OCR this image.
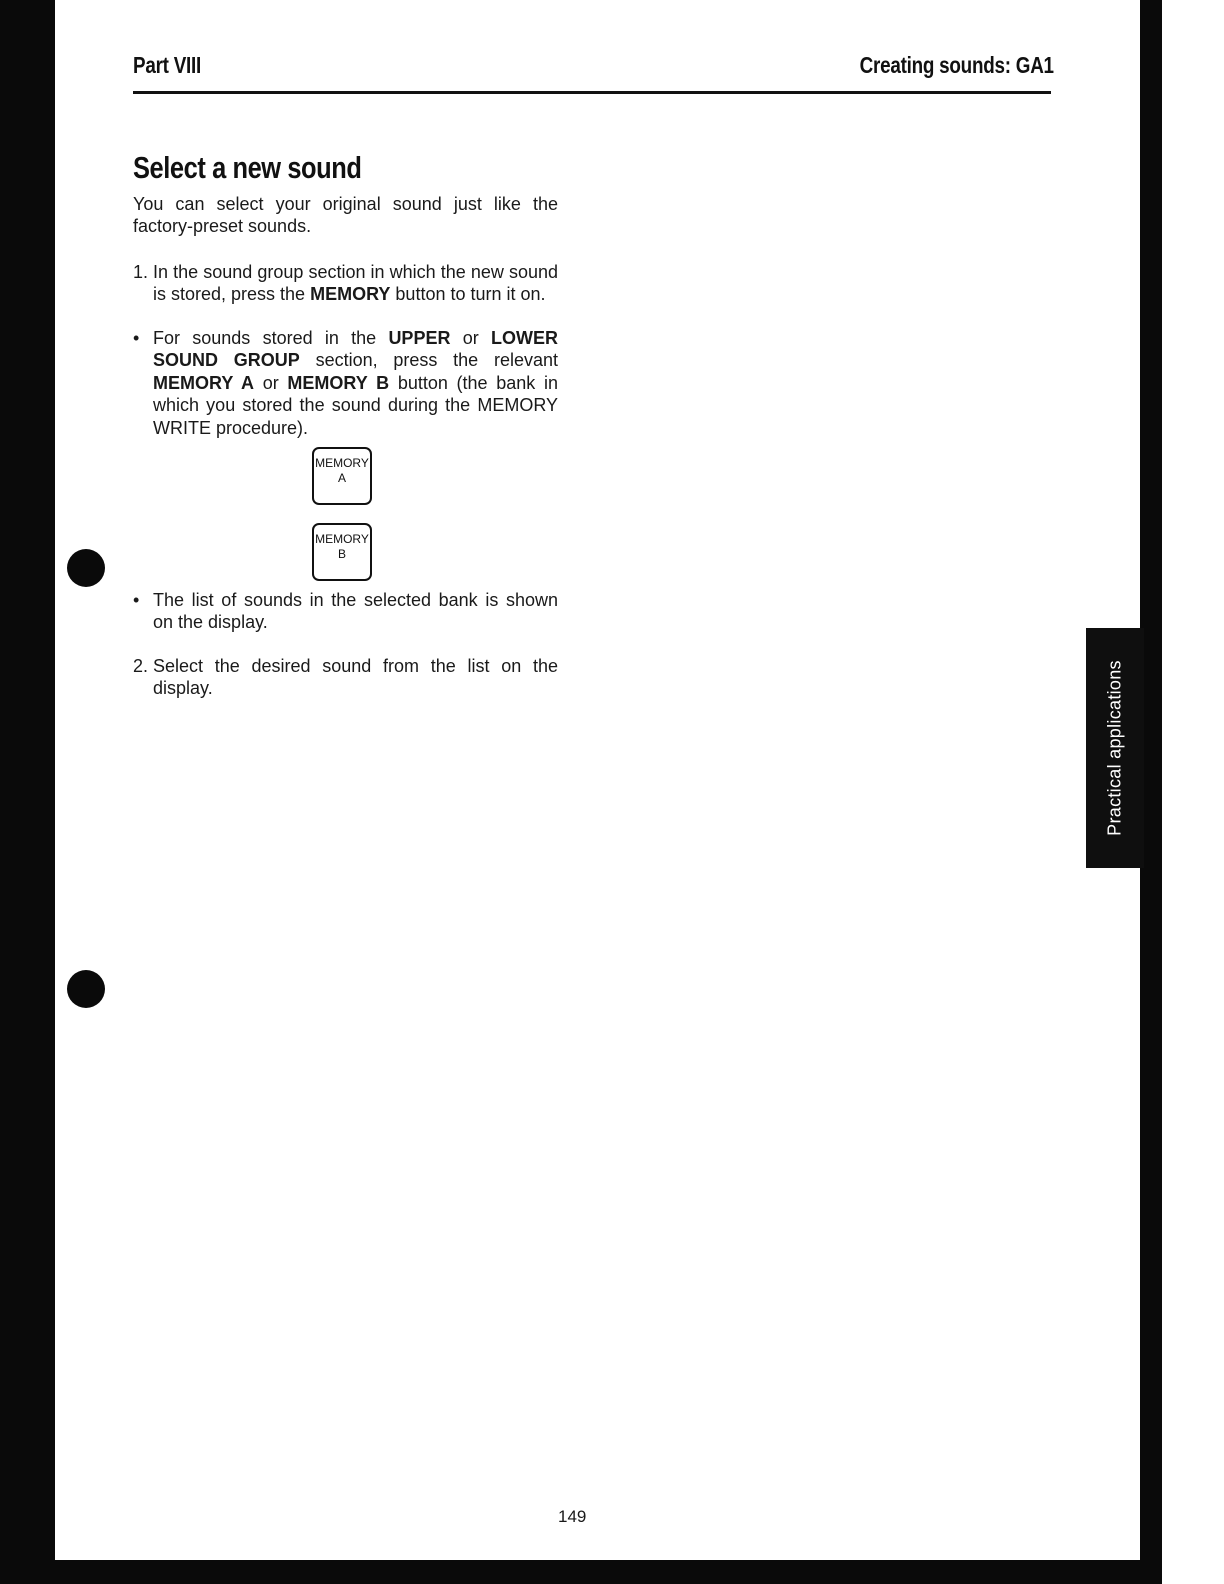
Part VIII	Creating sounds: GA1
Select a new sound
You can select your original sound just like the factory-preset sounds.
1. In the sound group section in which the new sound is stored, press the MEMORY button to turn it on.
• For sounds stored in the UPPER or LOWER SOUND GROUP section, press the relevant MEMORY A or MEMORY B button (the bank in which you stored the sound during the MEMORY WRITE procedure).
MEMORY
A
MEMORY
B
• The list of sounds in the selected bank is shown on the display.
2. Select the desired sound from the list on the display.	Practical applications
149
